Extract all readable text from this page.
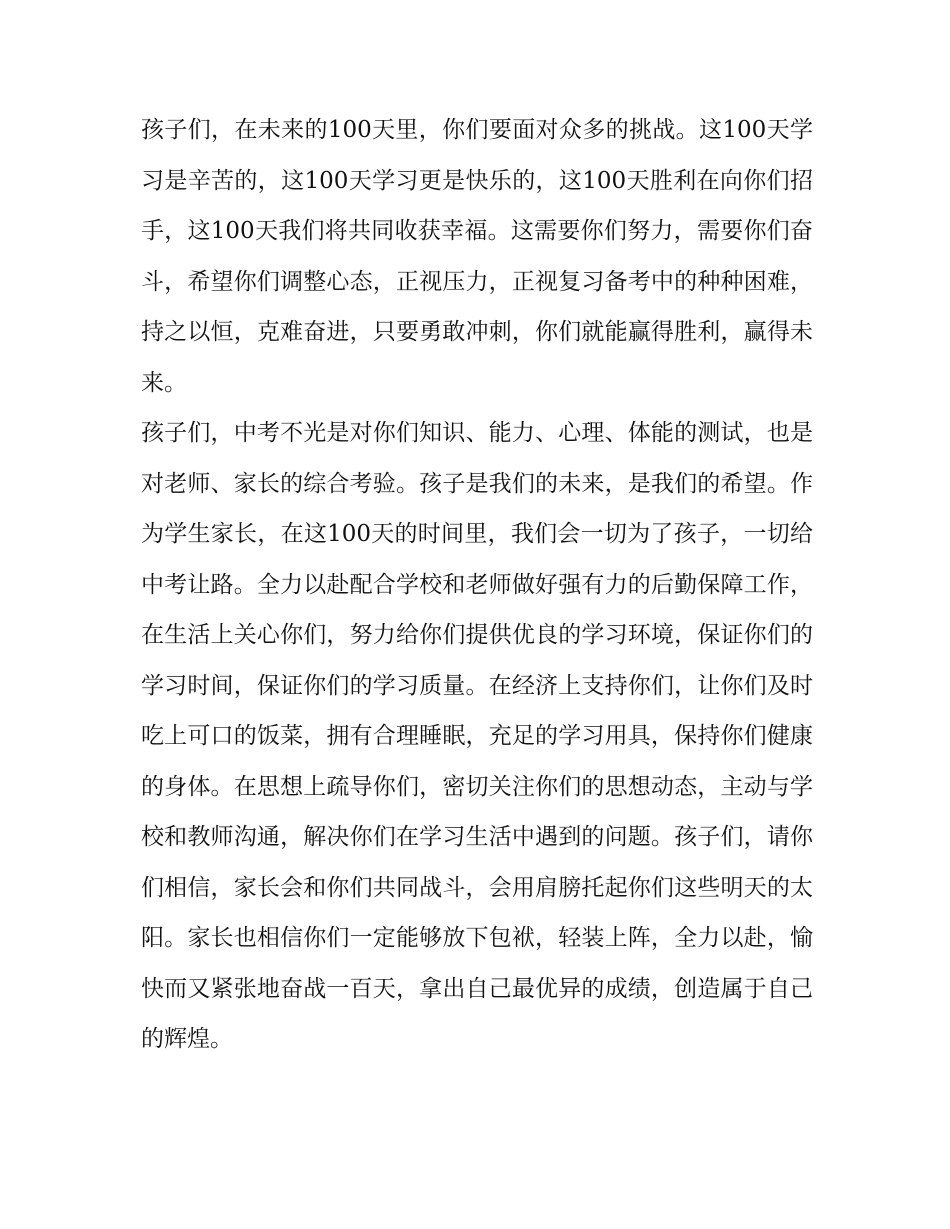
孩子们，在未来的100天里，你们要面对众多的挑战。这100天学习是辛苦的，这100天学习更是快乐的，这100天胜利在向你们招手，这100天我们将共同收获幸福。这需要你们努力，需要你们奋斗，希望你们调整心态，正视压力，正视复习备考中的种种困难，持之以恒，克难奋进，只要勇敢冲刺，你们就能赢得胜利，赢得未来。

孩子们，中考不光是对你们知识、能力、心理、体能的测试，也是对老师、家长的综合考验。孩子是我们的未来，是我们的希望。作为学生家长，在这100天的时间里，我们会一切为了孩子，一切给中考让路。全力以赴配合学校和老师做好强有力的后勤保障工作，在生活上关心你们，努力给你们提供优良的学习环境，保证你们的学习时间，保证你们的学习质量。在经济上支持你们，让你们及时吃上可口的饭菜，拥有合理睡眠，充足的学习用具，保持你们健康的身体。在思想上疏导你们，密切关注你们的思想动态，主动与学校和教师沟通，解决你们在学习生活中遇到的问题。孩子们，请你们相信，家长会和你们共同战斗，会用肩膀托起你们这些明天的太阳。家长也相信你们一定能够放下包袱，轻装上阵，全力以赴，愉快而又紧张地奋战一百天，拿出自己最优异的成绩，创造属于自己的辉煌。
